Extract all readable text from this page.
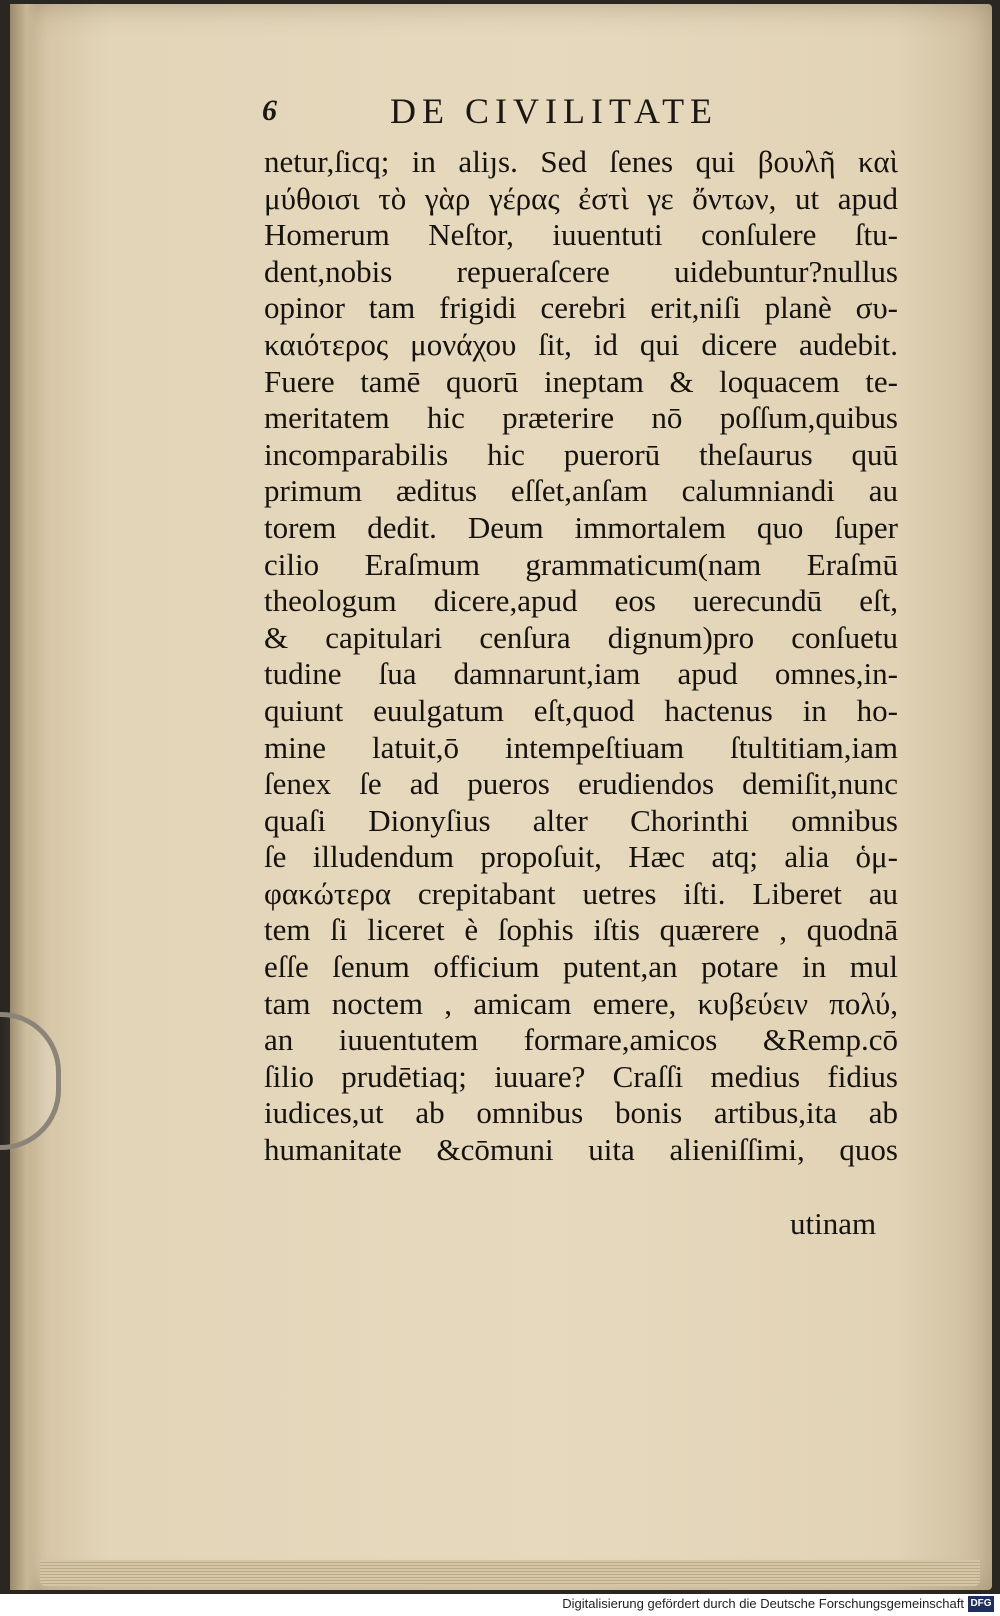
6	DE CIVILITATE
netur,ſicq; in aliȷs. Sed ſenes qui βουλῆ καὶ
μύθοισι τὸ γὰρ γέρας ἐστὶ γε ὄντων, ut apud
Homerum Neſtor, iuuentuti conſulere ſtu-
dent,nobis repueraſcere uidebuntur?nullus
opinor tam frigidi cerebri erit,niſi planè συ-
καιότερος μονάχου ſit, id qui dicere audebit.
Fuere tamē quorū ineptam & loquacem te-
meritatem hic præterire nō poſſum,quibus
incomparabilis hic puerorū theſaurus quū
primum æditus eſſet,anſam calumniandi au
torem dedit. Deum immortalem quo ſuper
cilio Eraſmum grammaticum(nam Eraſmū
theologum dicere,apud eos uerecundū eſt,
& capitulari cenſura dignum)pro conſuetu
tudine ſua damnarunt,iam apud omnes,in-
quiunt euulgatum eſt,quod hactenus in ho-
mine latuit,ō intempeſtiuam ſtultitiam,iam
ſenex ſe ad pueros erudiendos demiſit,nunc
quaſi Dionyſius alter Chorinthi omnibus
ſe illudendum propoſuit, Hæc atq; alia ὁμ-
φακώτερα crepitabant uetres iſti. Liberet au
tem ſi liceret è ſophis iſtis quærere , quodnā
eſſe ſenum officium putent,an potare in mul
tam noctem , amicam emere, κυβεύειν πολύ,
an iuuentutem formare,amicos &Remp.cō
ſilio prudētiaq; iuuare? Craſſi medius fidius
iudices,ut ab omnibus bonis artibus,ita ab
humanitate &cōmuni uita alieniſſimi, quos
utinam
Digitalisierung gefördert durch die Deutsche Forschungsgemeinschaft DFG
